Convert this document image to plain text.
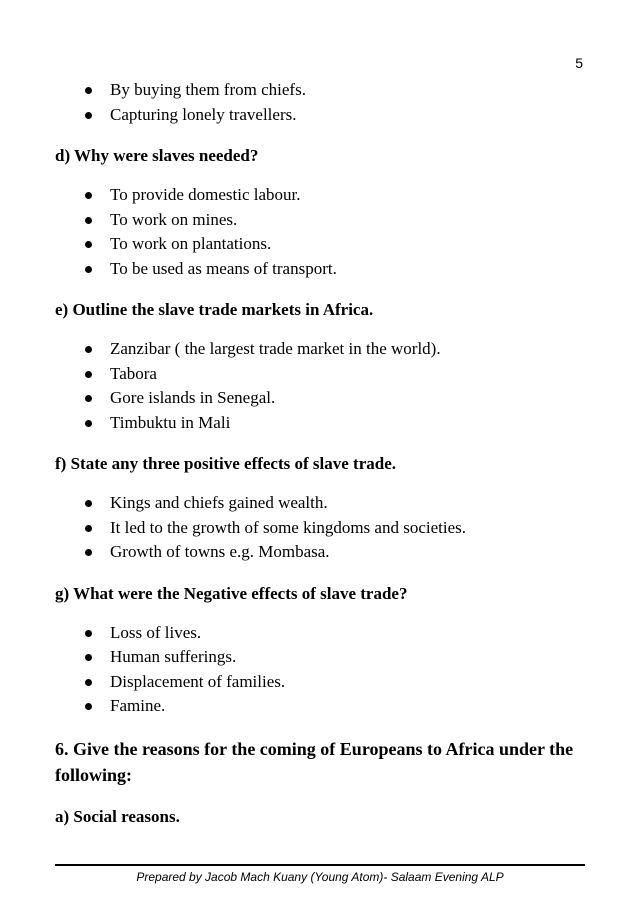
5
By buying them from chiefs.
Capturing lonely travellers.

d) Why were slaves needed?

To provide domestic labour.
To work on mines.
To work on plantations.
To be used as means of transport.

e) Outline the slave trade markets in Africa.

Zanzibar ( the largest trade market in the world).
Tabora
Gore islands in Senegal.
Timbuktu in Mali

f) State any three positive effects of slave trade.

Kings and chiefs gained wealth.
It led to the growth of some kingdoms and societies.
Growth of towns e.g. Mombasa.

g) What were the Negative effects of slave trade?

Loss of lives.
Human sufferings.
Displacement of families.
Famine.

6. Give the reasons for the coming of Europeans to Africa under the following:

a) Social reasons.

Prepared by Jacob Mach Kuany (Young Atom)- Salaam Evening ALP
